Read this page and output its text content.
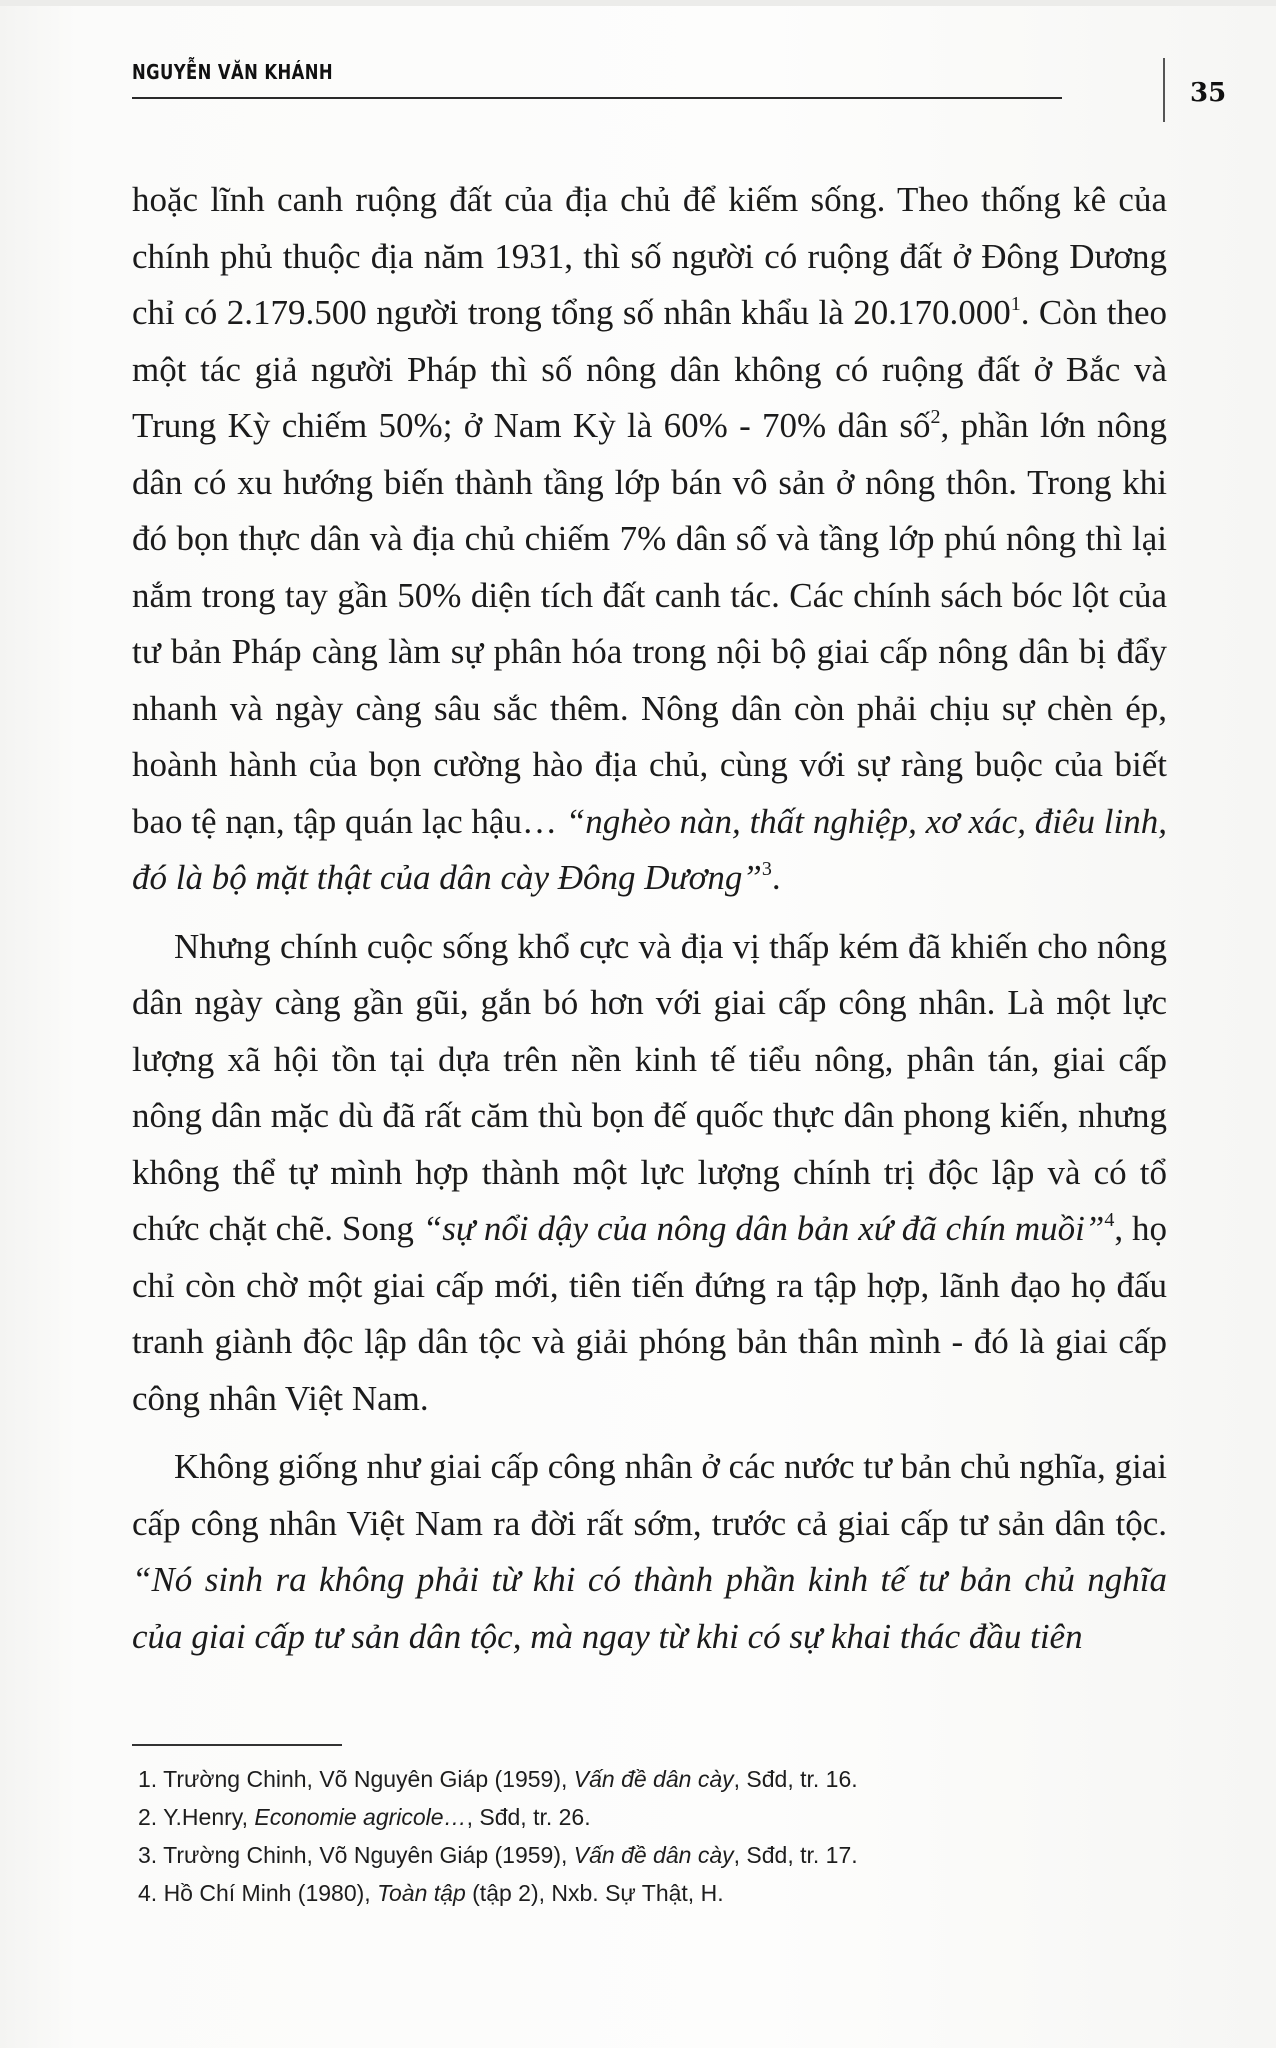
NGUYỄN VĂN KHÁNH
35

hoặc lĩnh canh ruộng đất của địa chủ để kiếm sống. Theo thống kê của chính phủ thuộc địa năm 1931, thì số người có ruộng đất ở Đông Dương chỉ có 2.179.500 người trong tổng số nhân khẩu là 20.170.000$^1$. Còn theo một tác giả người Pháp thì số nông dân không có ruộng đất ở Bắc và Trung Kỳ chiếm 50%; ở Nam Kỳ là 60% - 70% dân số$^2$, phần lớn nông dân có xu hướng biến thành tầng lớp bán vô sản ở nông thôn. Trong khi đó bọn thực dân và địa chủ chiếm 7% dân số và tầng lớp phú nông thì lại nắm trong tay gần 50% diện tích đất canh tác. Các chính sách bóc lột của tư bản Pháp càng làm sự phân hóa trong nội bộ giai cấp nông dân bị đẩy nhanh và ngày càng sâu sắc thêm. Nông dân còn phải chịu sự chèn ép, hoành hành của bọn cường hào địa chủ, cùng với sự ràng buộc của biết bao tệ nạn, tập quán lạc hậu… “nghèo nàn, thất nghiệp, xơ xác, điêu linh, đó là bộ mặt thật của dân cày Đông Dương”$^3$.

Nhưng chính cuộc sống khổ cực và địa vị thấp kém đã khiến cho nông dân ngày càng gần gũi, gắn bó hơn với giai cấp công nhân. Là một lực lượng xã hội tồn tại dựa trên nền kinh tế tiểu nông, phân tán, giai cấp nông dân mặc dù đã rất căm thù bọn đế quốc thực dân phong kiến, nhưng không thể tự mình hợp thành một lực lượng chính trị độc lập và có tổ chức chặt chẽ. Song “sự nổi dậy của nông dân bản xứ đã chín muồi”$^4$, họ chỉ còn chờ một giai cấp mới, tiên tiến đứng ra tập hợp, lãnh đạo họ đấu tranh giành độc lập dân tộc và giải phóng bản thân mình - đó là giai cấp công nhân Việt Nam.

Không giống như giai cấp công nhân ở các nước tư bản chủ nghĩa, giai cấp công nhân Việt Nam ra đời rất sớm, trước cả giai cấp tư sản dân tộc. “Nó sinh ra không phải từ khi có thành phần kinh tế tư bản chủ nghĩa của giai cấp tư sản dân tộc, mà ngay từ khi có sự khai thác đầu tiên

1. Trường Chinh, Võ Nguyên Giáp (1959), Vấn đề dân cày, Sđd, tr. 16.
2. Y.Henry, Economie agricole…, Sđd, tr. 26.
3. Trường Chinh, Võ Nguyên Giáp (1959), Vấn đề dân cày, Sđd, tr. 17.
4. Hồ Chí Minh (1980), Toàn tập (tập 2), Nxb. Sự Thật, H.
